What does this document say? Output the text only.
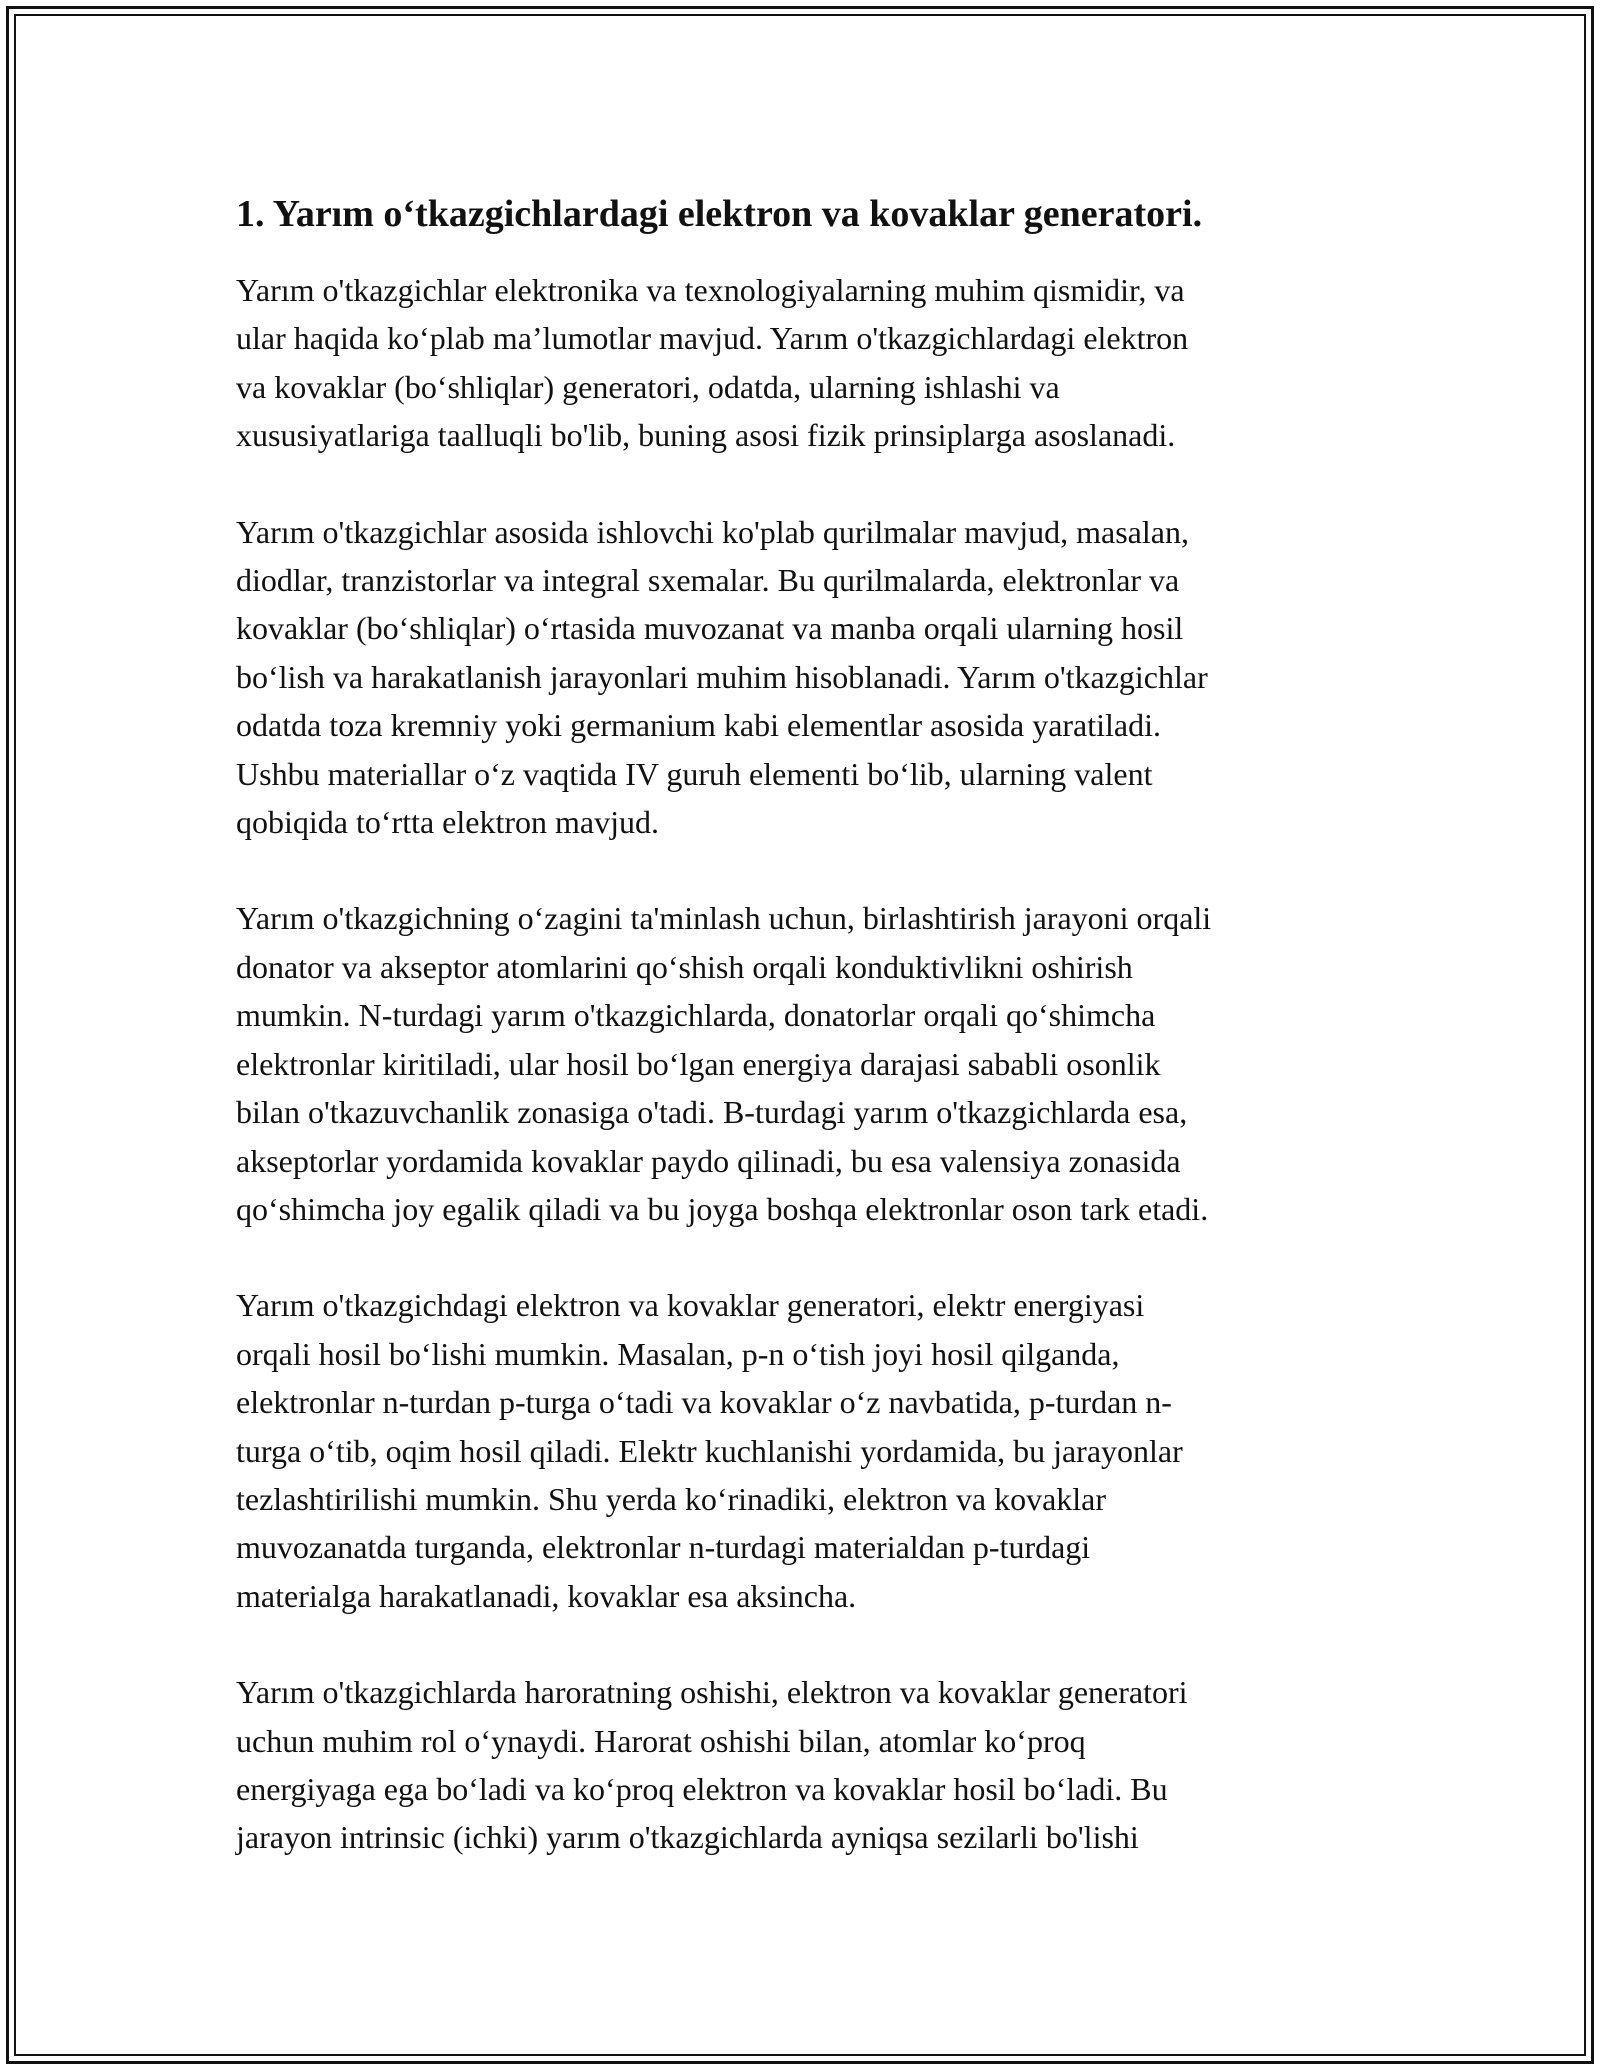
1. Yarım oʻtkazgichlardagi elektron va kovaklar generatori.
Yarım o'tkazgichlar elektronika va texnologiyalarning muhim qismidir, va
ular haqida koʻplab maʼlumotlar mavjud. Yarım o'tkazgichlardagi elektron
va kovaklar (boʻshliqlar) generatori, odatda, ularning ishlashi va
xususiyatlariga taalluqli bo'lib, buning asosi fizik prinsiplarga asoslanadi.
Yarım o'tkazgichlar asosida ishlovchi ko'plab qurilmalar mavjud, masalan,
diodlar, tranzistorlar va integral sxemalar. Bu qurilmalarda, elektronlar va
kovaklar (boʻshliqlar) oʻrtasida muvozanat va manba orqali ularning hosil
boʻlish va harakatlanish jarayonlari muhim hisoblanadi. Yarım o'tkazgichlar
odatda toza kremniy yoki germanium kabi elementlar asosida yaratiladi.
Ushbu materiallar oʻz vaqtida IV guruh elementi boʻlib, ularning valent
qobiqida toʻrtta elektron mavjud.
Yarım o'tkazgichning oʻzagini ta'minlash uchun, birlashtirish jarayoni orqali
donator va akseptor atomlarini qoʻshish orqali konduktivlikni oshirish
mumkin. N-turdagi yarım o'tkazgichlarda, donatorlar orqali qoʻshimcha
elektronlar kiritiladi, ular hosil boʻlgan energiya darajasi sababli osonlik
bilan o'tkazuvchanlik zonasiga o'tadi. B-turdagi yarım o'tkazgichlarda esa,
akseptorlar yordamida kovaklar paydo qilinadi, bu esa valensiya zonasida
qoʻshimcha joy egalik qiladi va bu joyga boshqa elektronlar oson tark etadi.
Yarım o'tkazgichdagi elektron va kovaklar generatori, elektr energiyasi
orqali hosil boʻlishi mumkin. Masalan, p-n oʻtish joyi hosil qilganda,
elektronlar n-turdan p-turga oʻtadi va kovaklar oʻz navbatida, p-turdan n-
turga oʻtib, oqim hosil qiladi. Elektr kuchlanishi yordamida, bu jarayonlar
tezlashtirilishi mumkin. Shu yerda koʻrinadiki, elektron va kovaklar
muvozanatda turganda, elektronlar n-turdagi materialdan p-turdagi
materialga harakatlanadi, kovaklar esa aksincha.
Yarım o'tkazgichlarda haroratning oshishi, elektron va kovaklar generatori
uchun muhim rol oʻynaydi. Harorat oshishi bilan, atomlar koʻproq
energiyaga ega boʻladi va koʻproq elektron va kovaklar hosil boʻladi. Bu
jarayon intrinsic (ichki) yarım o'tkazgichlarda ayniqsa sezilarli bo'lishi
